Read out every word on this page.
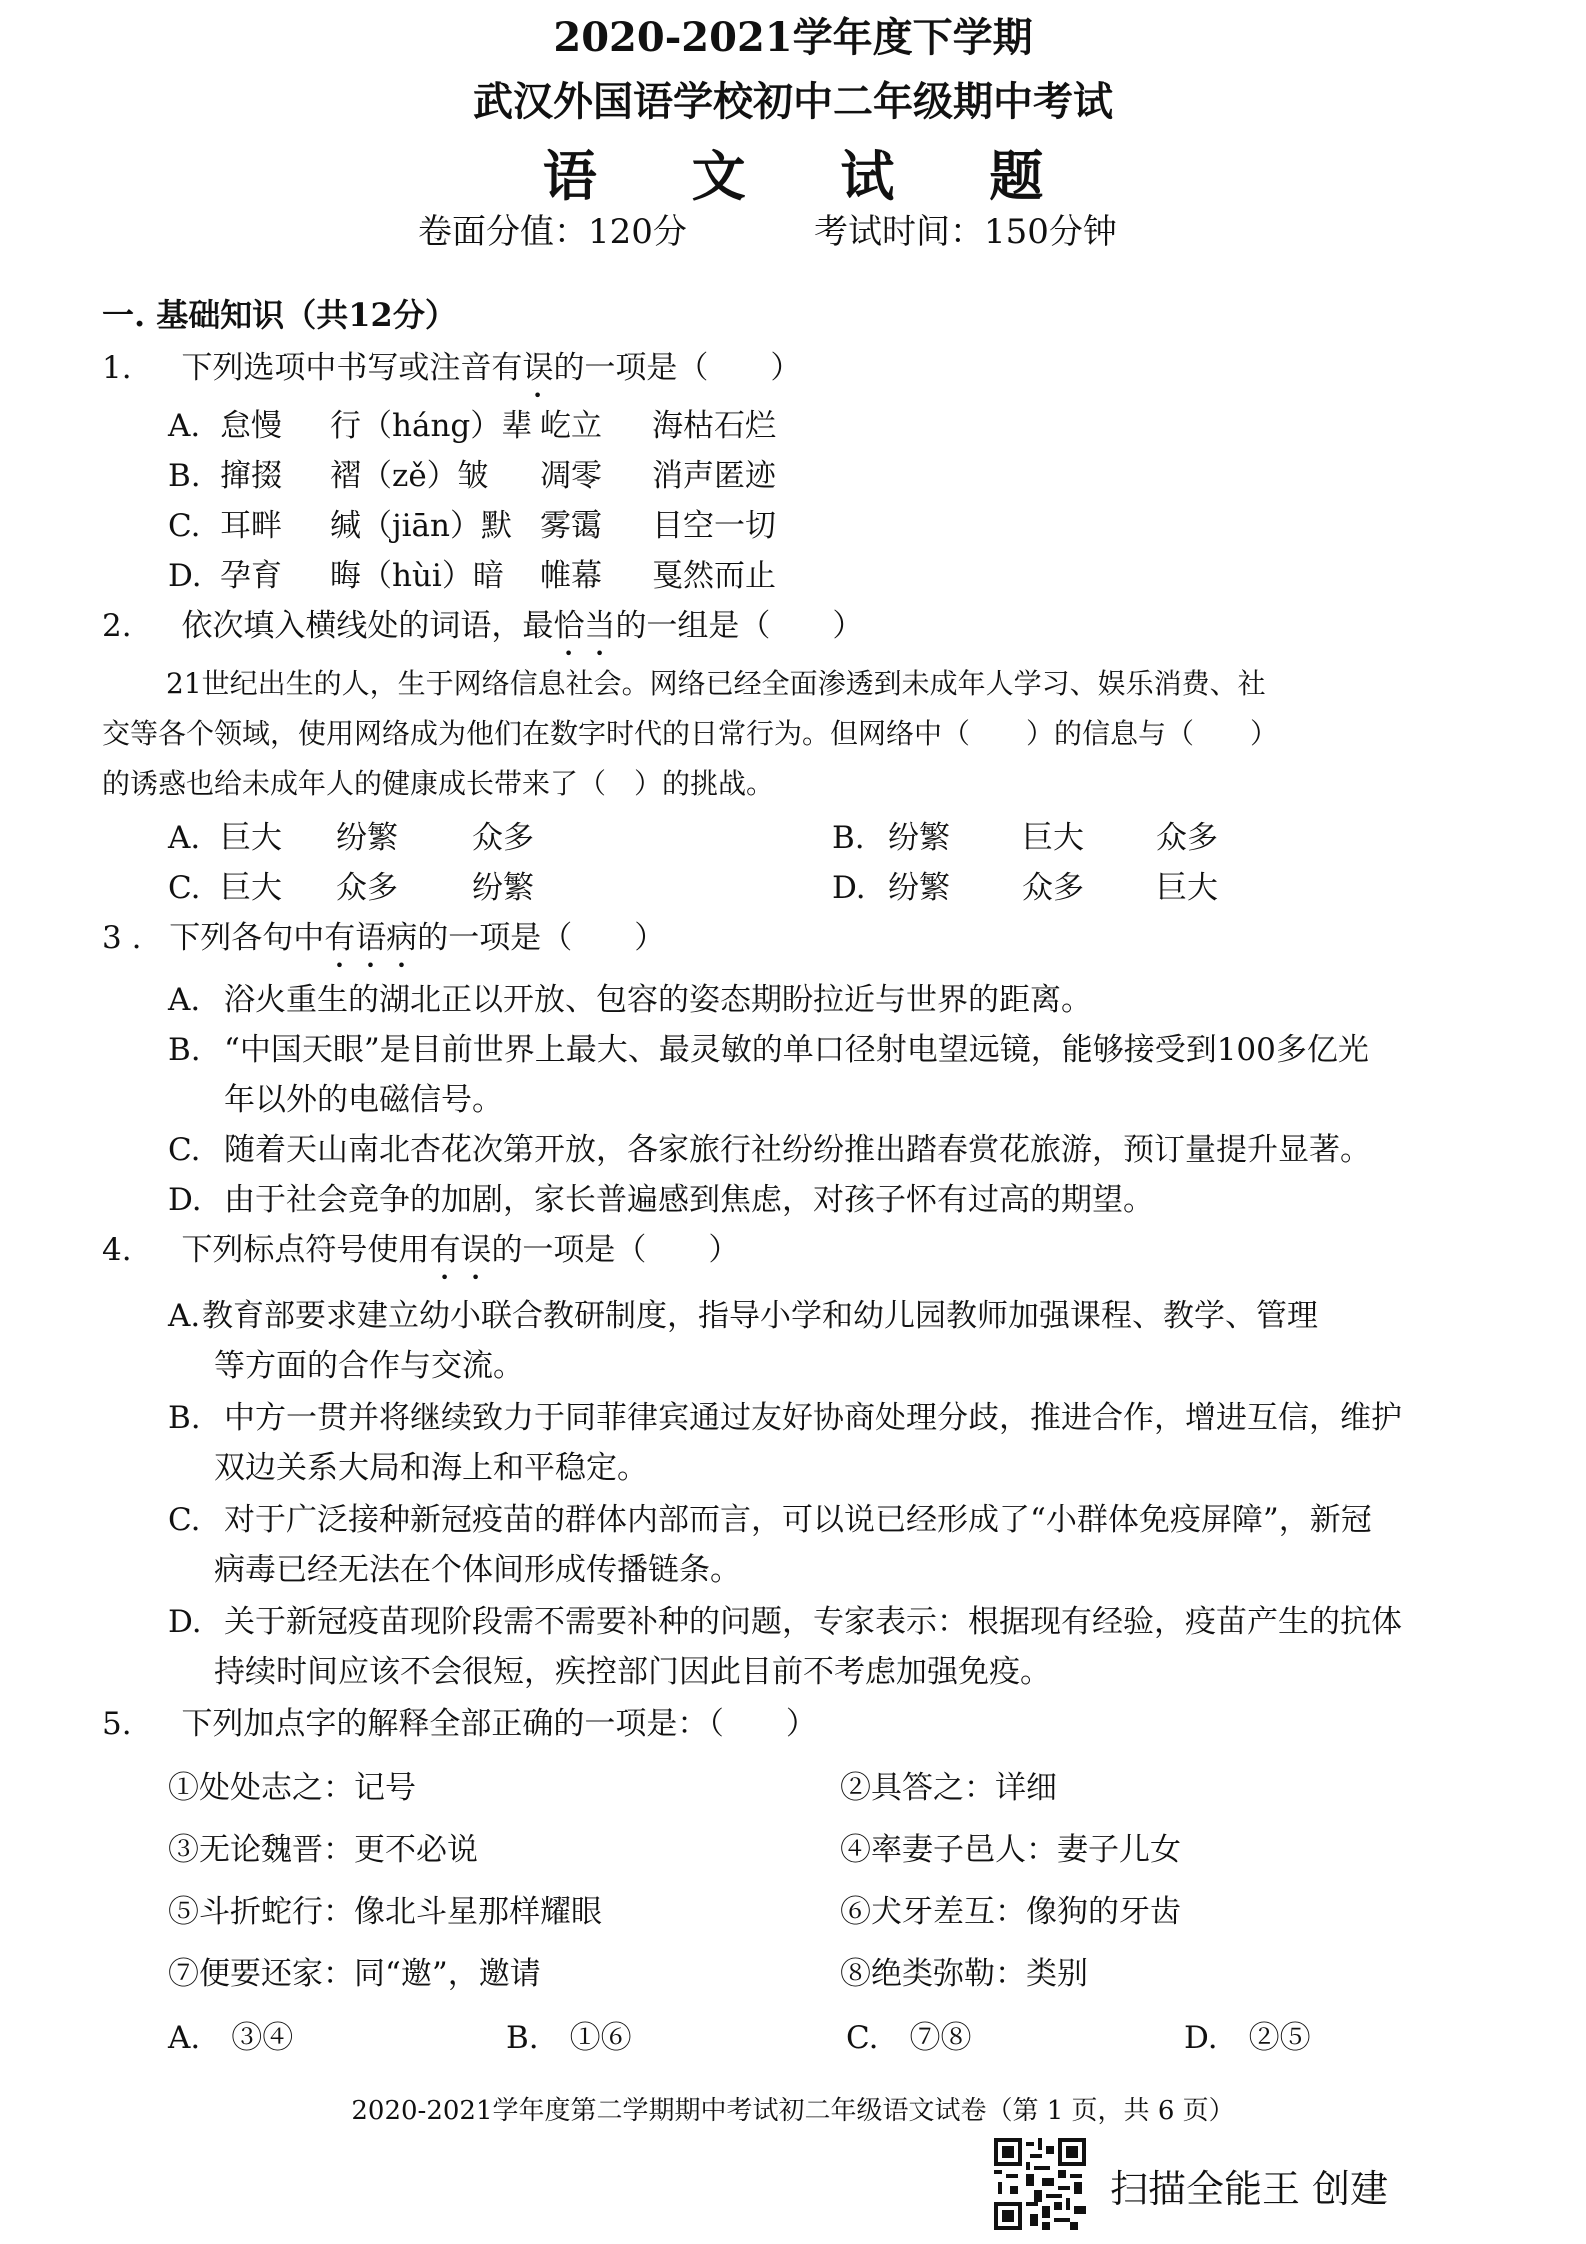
2020-2021学年度下学期
武汉外国语学校初中二年级期中考试
语 文 试 题
卷面分值：120分	考试时间：150分钟
一. 基础知识（共12分）
1. 下列选项中书写或注音有误的一项是（　　）
A. 怠慢 行（háng）辈 屹立 海枯石烂
B. 撺掇 褶（zě）皱 凋零 消声匿迹
C. 耳畔 缄（jiān）默 雾霭 目空一切
D. 孕育 晦（hùi）暗 帷幕 戛然而止
2. 依次填入横线处的词语，最恰当的一组是（　　）
21世纪出生的人，生于网络信息社会。网络已经全面渗透到未成年人学习、娱乐消费、社
交等各个领域，使用网络成为他们在数字时代的日常行为。但网络中（　　）的信息与（　　）
的诱惑也给未成年人的健康成长带来了（　）的挑战。
A. 巨大 纷繁 众多	B. 纷繁 巨大 众多
C. 巨大 众多 纷繁	D. 纷繁 众多 巨大
3 . 下列各句中有语病的一项是（　　）
A. 浴火重生的湖北正以开放、包容的姿态期盼拉近与世界的距离。
B. “中国天眼”是目前世界上最大、最灵敏的单口径射电望远镜，能够接受到100多亿光
年以外的电磁信号。
C. 随着天山南北杏花次第开放，各家旅行社纷纷推出踏春赏花旅游，预订量提升显著。
D. 由于社会竞争的加剧，家长普遍感到焦虑，对孩子怀有过高的期望。
4. 下列标点符号使用有误的一项是（　　）
A.教育部要求建立幼小联合教研制度，指导小学和幼儿园教师加强课程、教学、管理
等方面的合作与交流。
B. 中方一贯并将继续致力于同菲律宾通过友好协商处理分歧，推进合作，增进互信，维护
双边关系大局和海上和平稳定。
C. 对于广泛接种新冠疫苗的群体内部而言，可以说已经形成了“小群体免疫屏障”，新冠
病毒已经无法在个体间形成传播链条。
D. 关于新冠疫苗现阶段需不需要补种的问题，专家表示：根据现有经验，疫苗产生的抗体
持续时间应该不会很短，疾控部门因此目前不考虑加强免疫。
5. 下列加点字的解释全部正确的一项是：（　　）
①处处志之：记号	②具答之：详细
③无论魏晋：更不必说	④率妻子邑人：妻子儿女
⑤斗折蛇行：像北斗星那样耀眼	⑥犬牙差互：像狗的牙齿
⑦便要还家：同“邀”，邀请	⑧绝类弥勒：类别
A.　③④	B.　①⑥	C.　⑦⑧	D.　②⑤
2020-2021学年度第二学期期中考试初二年级语文试卷（第 1 页，共 6 页）
扫描全能王 创建
